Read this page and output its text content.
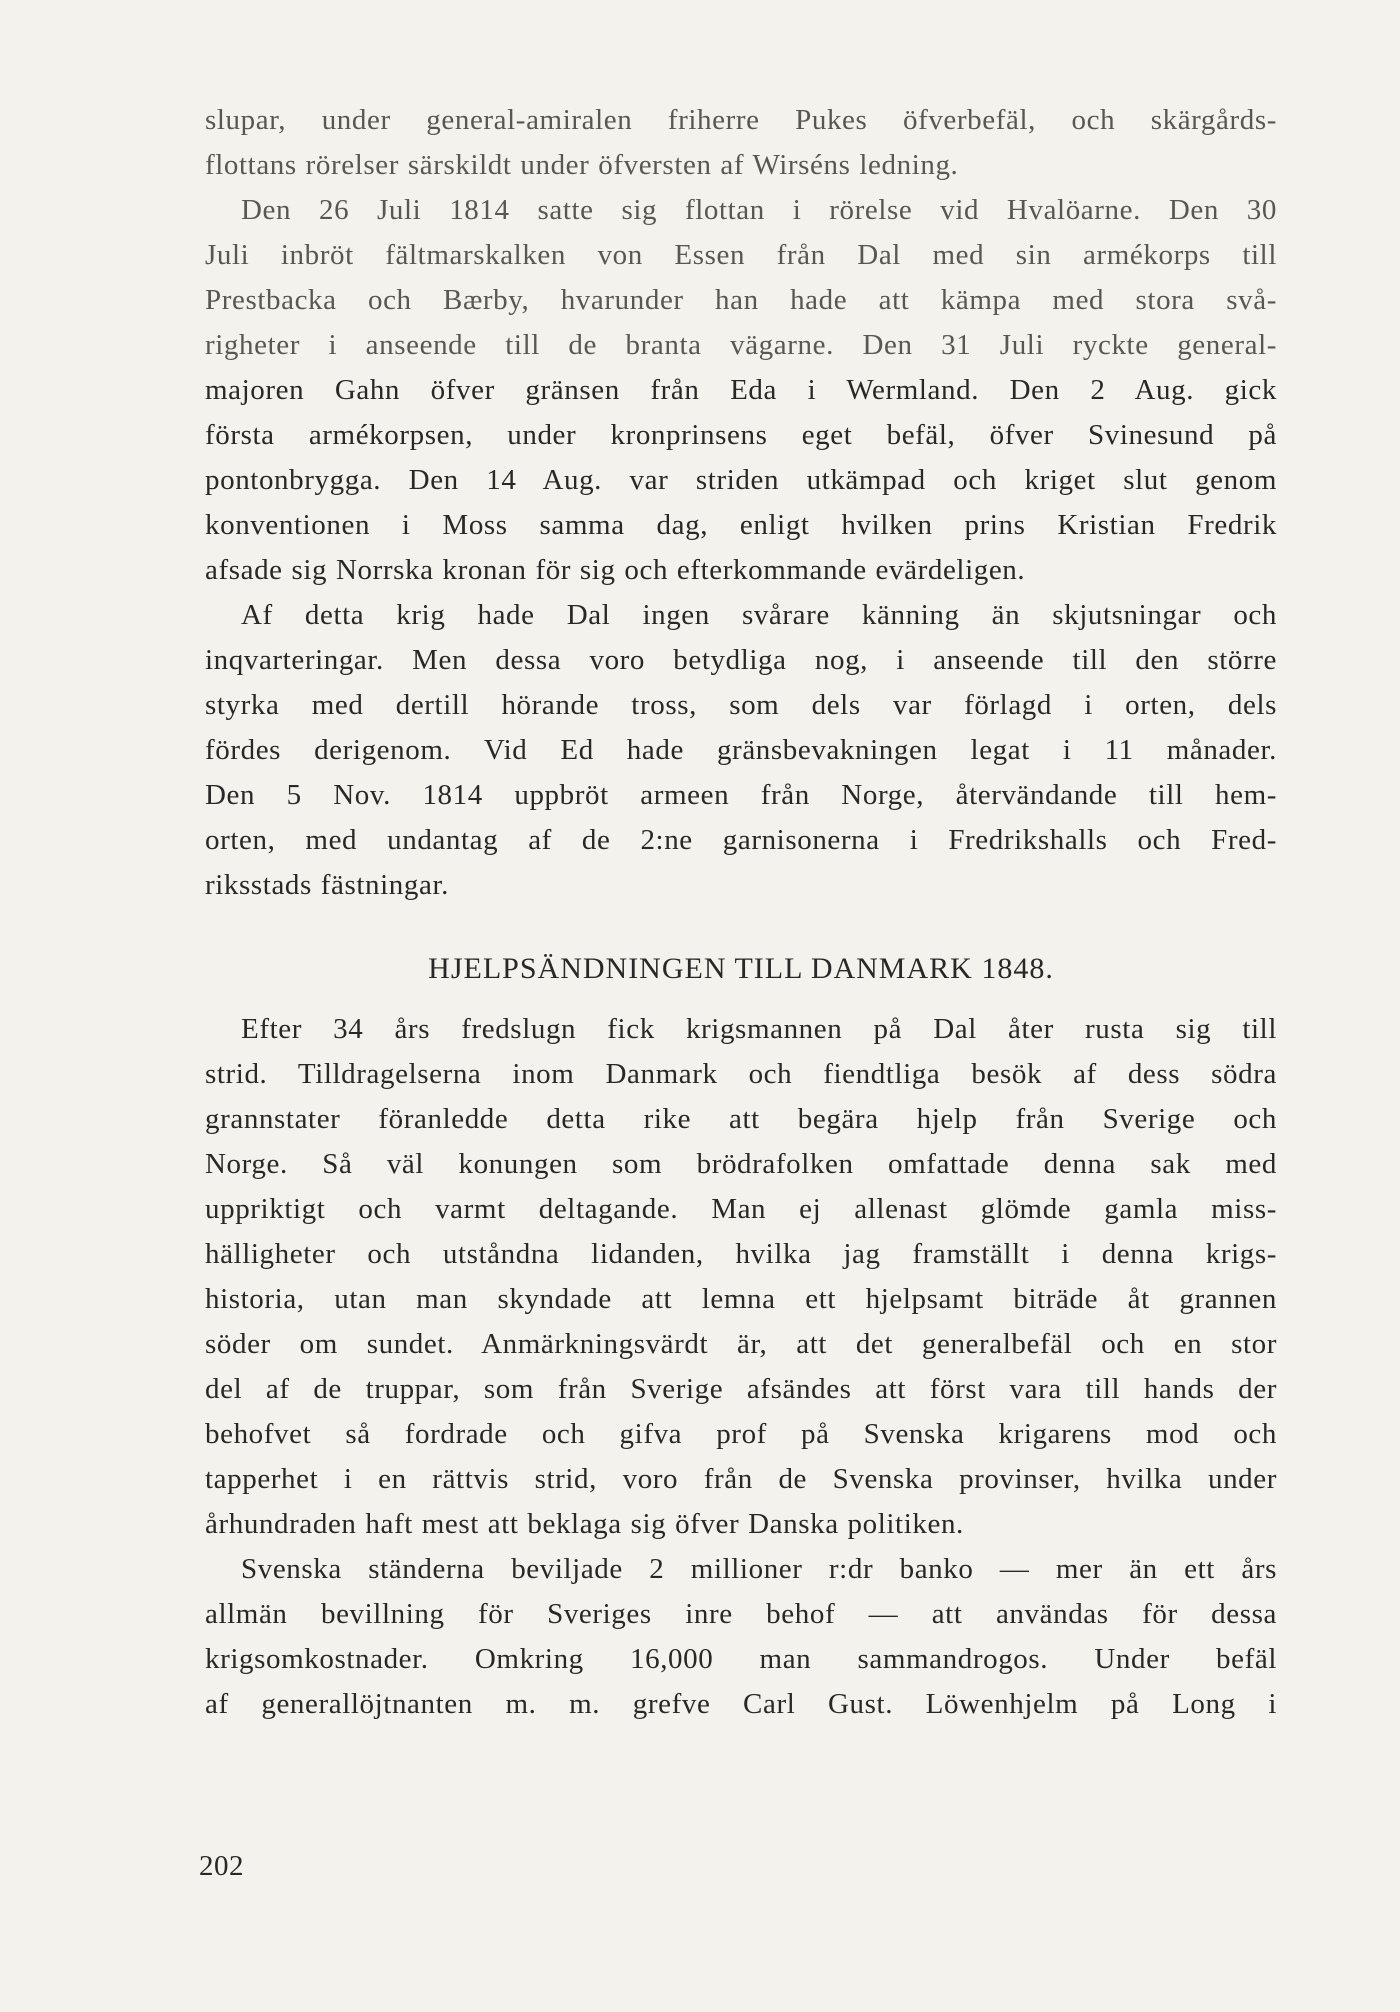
slupar, under general-amiralen friherre Pukes öfverbefäl, och skärgårds-
flottans rörelser särskildt under öfversten af Wirséns ledning.

Den 26 Juli 1814 satte sig flottan i rörelse vid Hvalöarne. Den 30
Juli inbröt fältmarskalken von Essen från Dal med sin armékorps till
Prestbacka och Bærby, hvarunder han hade att kämpa med stora svå-
righeter i anseende till de branta vägarne. Den 31 Juli ryckte general-
majoren Gahn öfver gränsen från Eda i Wermland. Den 2 Aug. gick
första armékorpsen, under kronprinsens eget befäl, öfver Svinesund på
pontonbrygga. Den 14 Aug. var striden utkämpad och kriget slut genom
konventionen i Moss samma dag, enligt hvilken prins Kristian Fredrik
afsade sig Norrska kronan för sig och efterkommande evärdeligen.

Af detta krig hade Dal ingen svårare känning än skjutsningar och
inqvarteringar. Men dessa voro betydliga nog, i anseende till den större
styrka med dertill hörande tross, som dels var förlagd i orten, dels
fördes derigenom. Vid Ed hade gränsbevakningen legat i 11 månader.
Den 5 Nov. 1814 uppbröt armeen från Norge, återvändande till hem-
orten, med undantag af de 2:ne garnisonerna i Fredrikshalls och Fred-
riksstads fästningar.

HJELPSÄNDNINGEN TILL DANMARK 1848.

Efter 34 års fredslugn fick krigsmannen på Dal åter rusta sig till
strid. Tilldragelserna inom Danmark och fiendtliga besök af dess södra
grannstater föranledde detta rike att begära hjelp från Sverige och
Norge. Så väl konungen som brödrafolken omfattade denna sak med
uppriktigt och varmt deltagande. Man ej allenast glömde gamla miss-
hälligheter och utståndna lidanden, hvilka jag framställt i denna krigs-
historia, utan man skyndade att lemna ett hjelpsamt biträde åt grannen
söder om sundet. Anmärkningsvärdt är, att det generalbefäl och en stor
del af de truppar, som från Sverige afsändes att först vara till hands der
behofvet så fordrade och gifva prof på Svenska krigarens mod och
tapperhet i en rättvis strid, voro från de Svenska provinser, hvilka under
århundraden haft mest att beklaga sig öfver Danska politiken.

Svenska ständerna beviljade 2 millioner r:dr banko — mer än ett års
allmän bevillning för Sveriges inre behof — att användas för dessa
krigsomkostnader. Omkring 16,000 man sammandrogos. Under befäl
af generallöjtnanten m. m. grefve Carl Gust. Löwenhjelm på Long i

202
